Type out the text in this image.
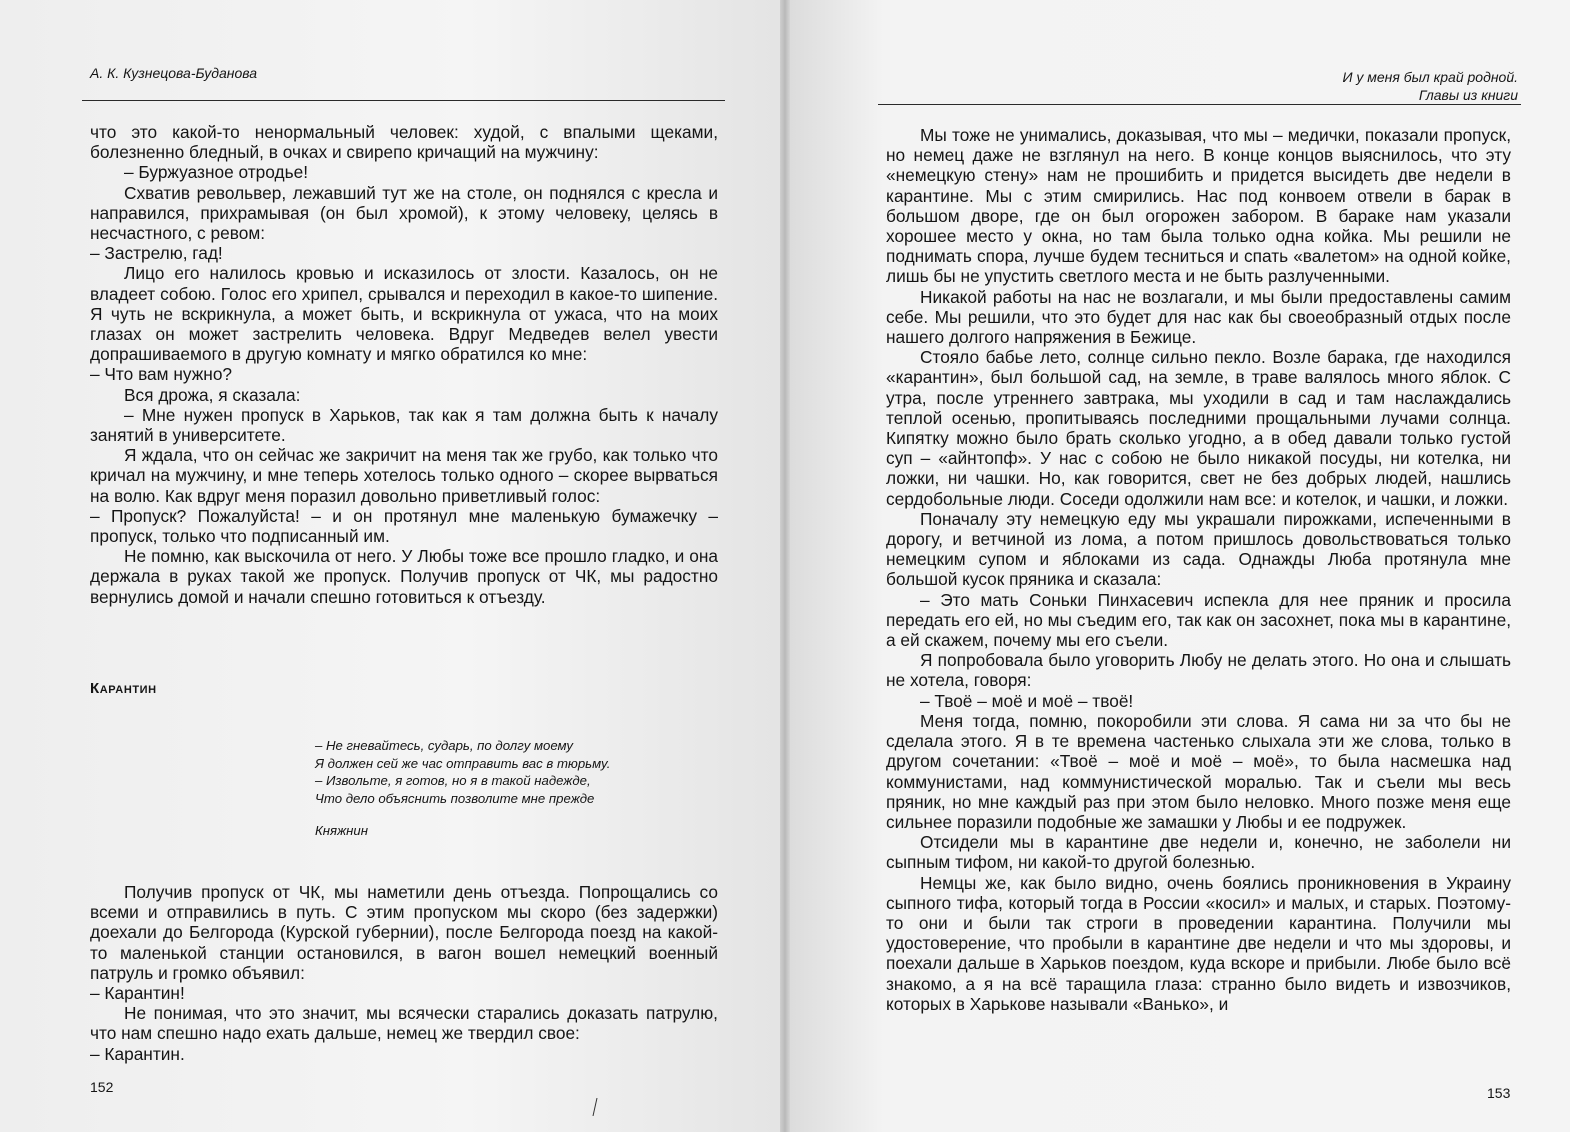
А. К. Кузнецова-Буданова

что это какой-то ненормальный человек: худой, с впалыми щеками, болезненно бледный, в очках и свирепо кричащий на мужчину:

– Буржуазное отродье!

Схватив револьвер, лежавший тут же на столе, он поднялся с кресла и направился, прихрамывая (он был хромой), к этому человеку, целясь в несчастного, с ревом:

– Застрелю, гад!

Лицо его налилось кровью и исказилось от злости. Казалось, он не владеет собою. Голос его хрипел, срывался и переходил в какое-то шипение. Я чуть не вскрикнула, а может быть, и вскрикнула от ужаса, что на моих глазах он может застрелить человека. Вдруг Медведев велел увести допрашиваемого в другую комнату и мягко обратился ко мне:

– Что вам нужно?

Вся дрожа, я сказала:

– Мне нужен пропуск в Харьков, так как я там должна быть к началу занятий в университете.

Я ждала, что он сейчас же закричит на меня так же грубо, как только что кричал на мужчину, и мне теперь хотелось только одного – скорее вырваться на волю. Как вдруг меня поразил довольно приветливый голос:

– Пропуск? Пожалуйста! – и он протянул мне маленькую бумажечку – пропуск, только что подписанный им.

Не помню, как выскочила от него. У Любы тоже все прошло гладко, и она держала в руках такой же пропуск. Получив пропуск от ЧК, мы радостно вернулись домой и начали спешно готовиться к отъезду.

Карантин
– Не гневайтесь, сударь, по долгу моему
Я должен сей же час отправить вас в тюрьму.
– Извольте, я готов, но я в такой надежде,
Что дело объяснить позволите мне прежде
Княжнин

Получив пропуск от ЧК, мы наметили день отъезда. Попрощались со всеми и отправились в путь. С этим пропуском мы скоро (без задержки) доехали до Белгорода (Курской губернии), после Белгорода поезд на какой-то маленькой станции остановился, в вагон вошел немецкий военный патруль и громко объявил:

– Карантин!

Не понимая, что это значит, мы всячески старались доказать патрулю, что нам спешно надо ехать дальше, немец же твердил свое:

– Карантин.

152
И у меня был край родной.
Главы из книги

Мы тоже не унимались, доказывая, что мы – медички, показали пропуск, но немец даже не взглянул на него. В конце концов выяснилось, что эту «немецкую стену» нам не прошибить и придется высидеть две недели в карантине. Мы с этим смирились. Нас под конвоем отвели в барак в большом дворе, где он был огорожен забором. В бараке нам указали хорошее место у окна, но там была только одна койка. Мы решили не поднимать спора, лучше будем тесниться и спать «валетом» на одной койке, лишь бы не упустить светлого места и не быть разлученными.

Никакой работы на нас не возлагали, и мы были предоставлены самим себе. Мы решили, что это будет для нас как бы своеобразный отдых после нашего долгого напряжения в Бежице.

Стояло бабье лето, солнце сильно пекло. Возле барака, где находился «карантин», был большой сад, на земле, в траве валялось много яблок. С утра, после утреннего завтрака, мы уходили в сад и там наслаждались теплой осенью, пропитываясь последними прощальными лучами солнца. Кипятку можно было брать сколько угодно, а в обед давали только густой суп – «айнтопф». У нас с собою не было никакой посуды, ни котелка, ни ложки, ни чашки. Но, как говорится, свет не без добрых людей, нашлись сердобольные люди. Соседи одолжили нам все: и котелок, и чашки, и ложки.

Поначалу эту немецкую еду мы украшали пирожками, испеченными в дорогу, и ветчиной из лома, а потом пришлось довольствоваться только немецким супом и яблоками из сада. Однажды Люба протянула мне большой кусок пряника и сказала:

– Это мать Соньки Пинхасевич испекла для нее пряник и просила передать его ей, но мы съедим его, так как он засохнет, пока мы в карантине, а ей скажем, почему мы его съели.

Я попробовала было уговорить Любу не делать этого. Но она и слышать не хотела, говоря:

– Твоё – моё и моё – твоё!

Меня тогда, помню, покоробили эти слова. Я сама ни за что бы не сделала этого. Я в те времена частенько слыхала эти же слова, только в другом сочетании: «Твоё – моё и моё – моё», то была насмешка над коммунистами, над коммунистической моралью. Так и съели мы весь пряник, но мне каждый раз при этом было неловко. Много позже меня еще сильнее поразили подобные же замашки у Любы и ее подружек.

Отсидели мы в карантине две недели и, конечно, не заболели ни сыпным тифом, ни какой-то другой болезнью.

Немцы же, как было видно, очень боялись проникновения в Украину сыпного тифа, который тогда в России «косил» и малых, и старых. Поэтому-то они и были так строги в проведении карантина. Получили мы удостоверение, что пробыли в карантине две недели и что мы здоровы, и поехали дальше в Харьков поездом, куда вскоре и прибыли. Любе было всё знакомо, а я на всё таращила глаза: странно было видеть и извозчиков, которых в Харькове называли «Ванько», и

153
